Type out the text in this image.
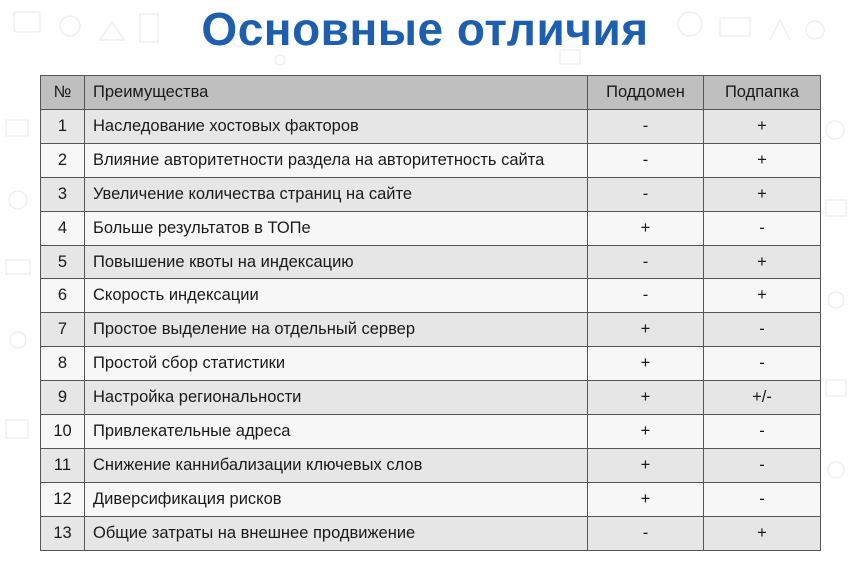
Основные отличия
№	Преимущества	Поддомен	Подпапка
1	Наследование хостовых факторов	-	+
2	Влияние авторитетности раздела на авторитетность сайта	-	+
3	Увеличение количества страниц на сайте	-	+
4	Больше результатов в ТОПе	+	-
5	Повышение квоты на индексацию	-	+
6	Скорость индексации	-	+
7	Простое выделение на отдельный сервер	+	-
8	Простой сбор статистики	+	-
9	Настройка региональности	+	+/-
10	Привлекательные адреса	+	-
11	Снижение каннибализации ключевых слов	+	-
12	Диверсификация рисков	+	-
13	Общие затраты на внешнее продвижение	-	+
